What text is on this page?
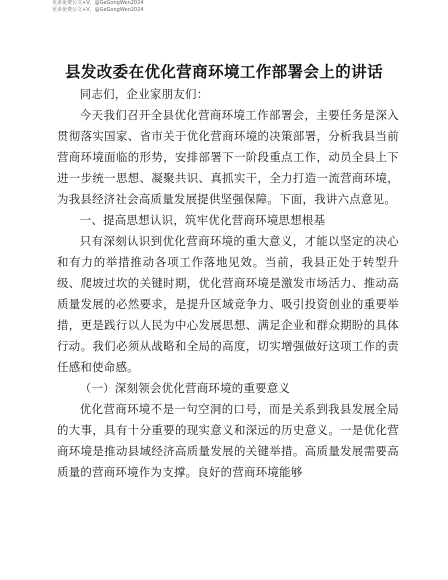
更多免费公文+V，@GeGongWen2024
更多免费公文+V，@GeGongWen2024
县发改委在优化营商环境工作部署会上的讲话

同志们，企业家朋友们：

今天我们召开全县优化营商环境工作部署会，主要任务是深入贯彻落实国家、省市关于优化营商环境的决策部署，分析我县当前营商环境面临的形势，安排部署下一阶段重点工作，动员全县上下进一步统一思想、凝聚共识、真抓实干，全力打造一流营商环境，为我县经济社会高质量发展提供坚强保障。下面，我讲六点意见。

一、提高思想认识，筑牢优化营商环境思想根基

只有深刻认识到优化营商环境的重大意义，才能以坚定的决心和有力的举措推动各项工作落地见效。当前，我县正处于转型升级、爬坡过坎的关键时期，优化营商环境是激发市场活力、推动高质量发展的必然要求，是提升区域竞争力、吸引投资创业的重要举措，更是践行以人民为中心发展思想、满足企业和群众期盼的具体行动。我们必须从战略和全局的高度，切实增强做好这项工作的责任感和使命感。

（一）深刻领会优化营商环境的重要意义

优化营商环境不是一句空洞的口号，而是关系到我县发展全局的大事，具有十分重要的现实意义和深远的历史意义。一是优化营商环境是推动县域经济高质量发展的关键举措。高质量发展需要高质量的营商环境作为支撑。良好的营商环境能够
